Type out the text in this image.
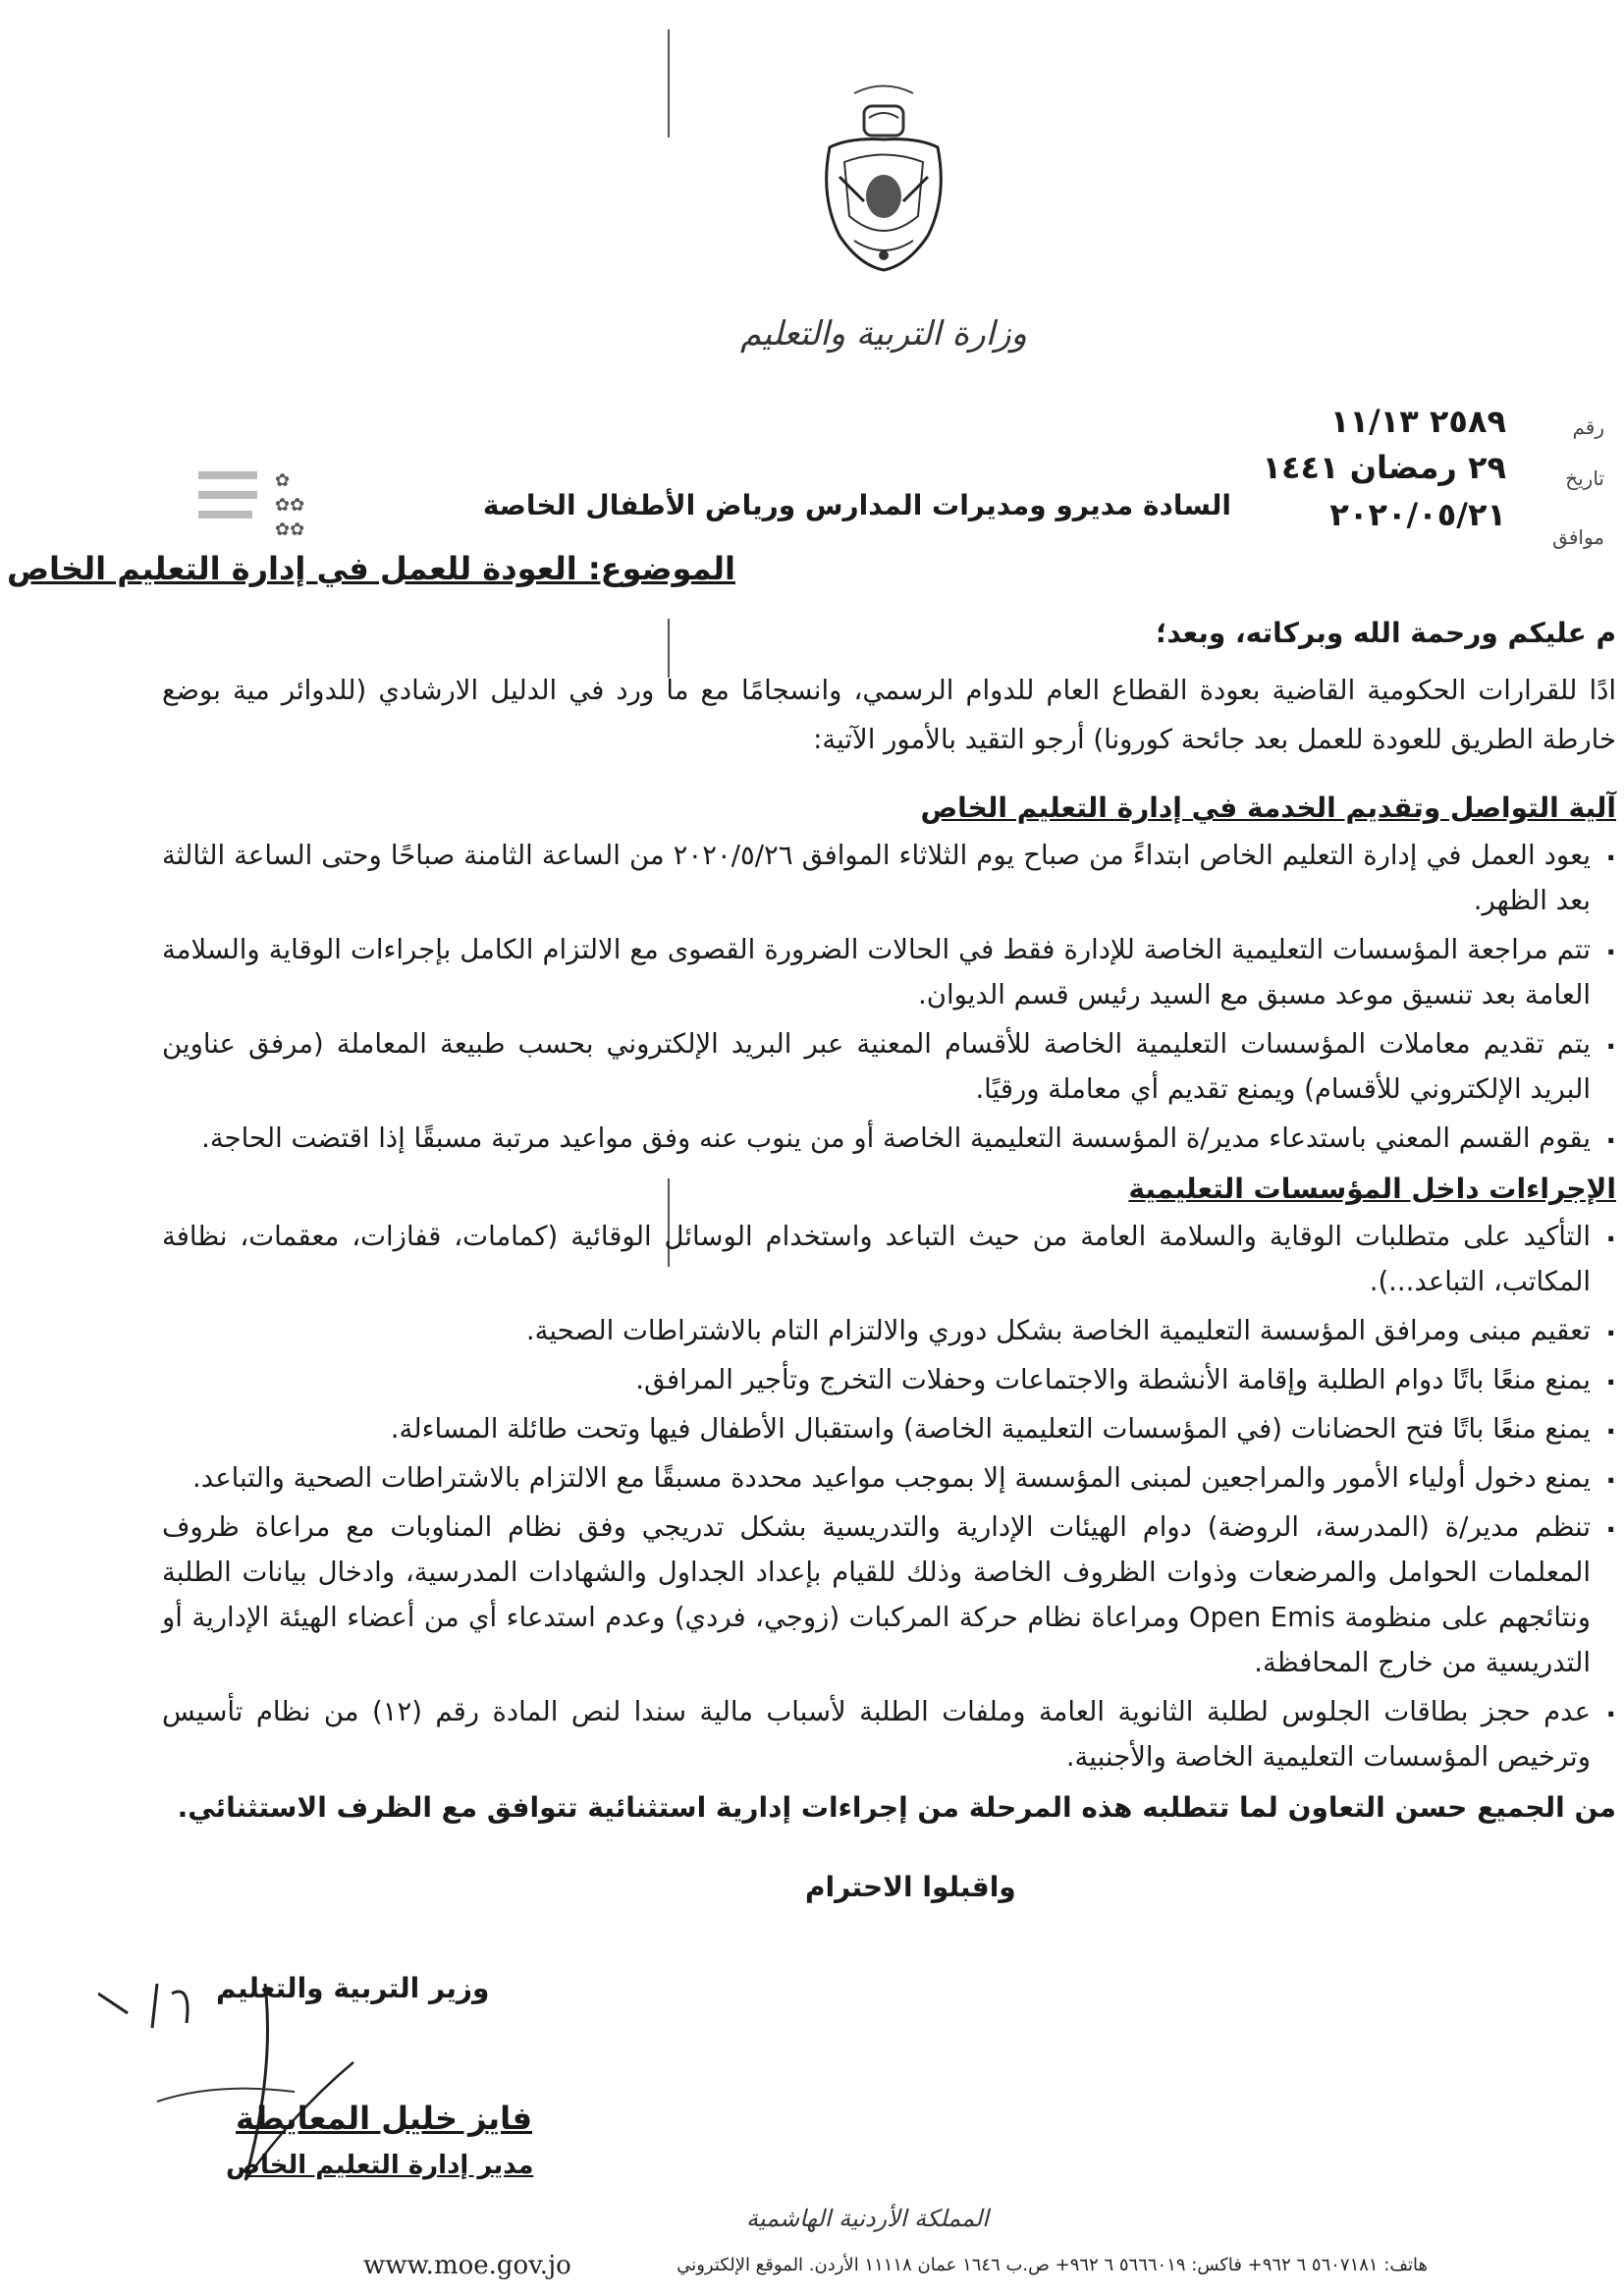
وزارة التربية والتعليم
رقم
٢٥٨٩ ١١/١٣
تاريخ
٢٩ رمضان ١٤٤١
موافق
٢٠٢٠/٠٥/٢١
السادة مديرو ومديرات المدارس ورياض الأطفال الخاصة
✿
✿✿
✿✿
الموضوع: العودة للعمل في إدارة التعليم الخاص

م عليكم ورحمة الله وبركاته، وبعد؛

ادًا للقرارات الحكومية القاضية بعودة القطاع العام للدوام الرسمي، وانسجامًا مع ما ورد في الدليل الارشادي (للدوائر مية بوضع خارطة الطريق للعودة للعمل بعد جائحة كورونا) أرجو التقيد بالأمور الآتية:

آلية التواصل وتقديم الخدمة في إدارة التعليم الخاص

. يعود العمل في إدارة التعليم الخاص ابتداءً من صباح يوم الثلاثاء الموافق ٢٠٢٠/٥/٢٦ من الساعة الثامنة صباحًا وحتى الساعة الثالثة بعد الظهر.
. تتم مراجعة المؤسسات التعليمية الخاصة للإدارة فقط في الحالات الضرورة القصوى مع الالتزام الكامل بإجراءات الوقاية والسلامة العامة بعد تنسيق موعد مسبق مع السيد رئيس قسم الديوان.
. يتم تقديم معاملات المؤسسات التعليمية الخاصة للأقسام المعنية عبر البريد الإلكتروني بحسب طبيعة المعاملة (مرفق عناوين البريد الإلكتروني للأقسام) ويمنع تقديم أي معاملة ورقيًا.
. يقوم القسم المعني باستدعاء مدير/ة المؤسسة التعليمية الخاصة أو من ينوب عنه وفق مواعيد مرتبة مسبقًا إذا اقتضت الحاجة.

الإجراءات داخل المؤسسات التعليمية

. التأكيد على متطلبات الوقاية والسلامة العامة من حيث التباعد واستخدام الوسائل الوقائية (كمامات، قفازات، معقمات، نظافة المكاتب، التباعد...).
. تعقيم مبنى ومرافق المؤسسة التعليمية الخاصة بشكل دوري والالتزام التام بالاشتراطات الصحية.
. يمنع منعًا باتًا دوام الطلبة وإقامة الأنشطة والاجتماعات وحفلات التخرج وتأجير المرافق.
. يمنع منعًا باتًا فتح الحضانات (في المؤسسات التعليمية الخاصة) واستقبال الأطفال فيها وتحت طائلة المساءلة.
. يمنع دخول أولياء الأمور والمراجعين لمبنى المؤسسة إلا بموجب مواعيد محددة مسبقًا مع الالتزام بالاشتراطات الصحية والتباعد.
. تنظم مدير/ة (المدرسة، الروضة) دوام الهيئات الإدارية والتدريسية بشكل تدريجي وفق نظام المناوبات مع مراعاة ظروف المعلمات الحوامل والمرضعات وذوات الظروف الخاصة وذلك للقيام بإعداد الجداول والشهادات المدرسية، وادخال بيانات الطلبة ونتائجهم على منظومة Open Emis ومراعاة نظام حركة المركبات (زوجي، فردي) وعدم استدعاء أي من أعضاء الهيئة الإدارية أو التدريسية من خارج المحافظة.
. عدم حجز بطاقات الجلوس لطلبة الثانوية العامة وملفات الطلبة لأسباب مالية سندا لنص المادة رقم (١٢) من نظام تأسيس وترخيص المؤسسات التعليمية الخاصة والأجنبية.

من الجميع حسن التعاون لما تتطلبه هذه المرحلة من إجراءات إدارية استثنائية تتوافق مع الظرف الاستثنائي.

واقبلوا الاحترام
وزير التربية والتعليم
فايز خليل المعايطة
مدير إدارة التعليم الخاص
المملكة الأردنية الهاشمية
هاتف: ٥٦٠٧١٨١ ٦ ٩٦٢+ فاكس: ٥٦٦٦٠١٩ ٦ ٩٦٢+ ص.ب ١٦٤٦ عمان ١١١١٨ الأردن. الموقع الإلكتروني
www.moe.gov.jo
